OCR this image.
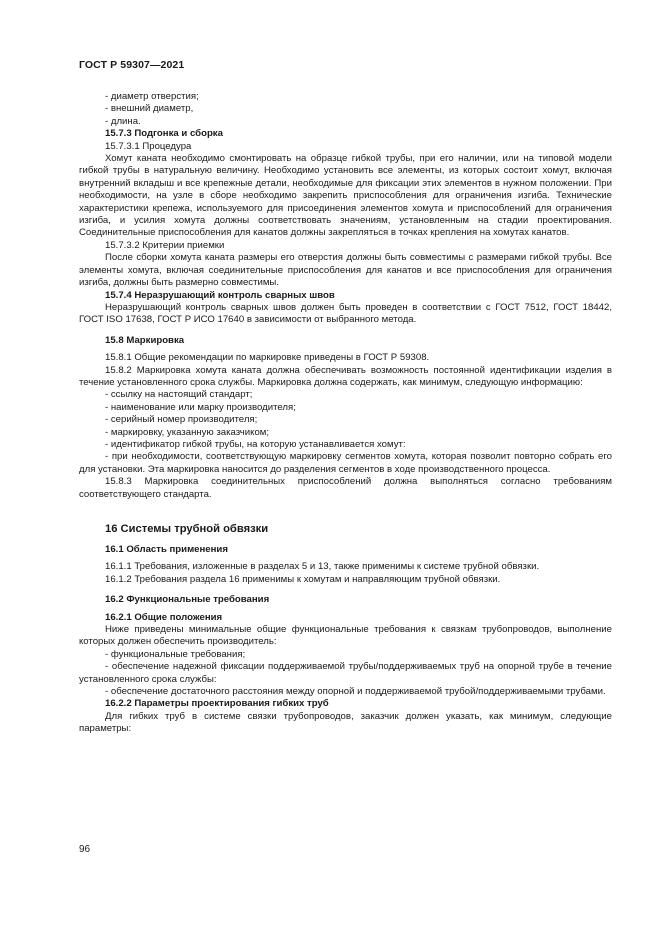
ГОСТ Р 59307—2021

- диаметр отверстия;

- внешний диаметр,

- длина.

15.7.3 Подгонка и сборка

15.7.3.1 Процедура

Хомут каната необходимо смонтировать на образце гибкой трубы, при его наличии, или на типовой модели гибкой трубы в натуральную величину. Необходимо установить все элементы, из которых состоит хомут, включая внутренний вкладыш и все крепежные детали, необходимые для фиксации этих элементов в нужном положении. При необходимости, на узле в сборе необходимо закрепить приспособления для ограничения изгиба. Технические характеристики крепежа, используемого для присоединения элементов хомута и приспособлений для ограничения изгиба, и усилия хомута должны соответствовать значениям, установленным на стадии проектирования. Соединительные приспособления для канатов должны закрепляться в точках крепления на хомутах канатов.

15.7.3.2 Критерии приемки

После сборки хомута каната размеры его отверстия должны быть совместимы с размерами гибкой трубы. Все элементы хомута, включая соединительные приспособления для канатов и все приспособления для ограничения изгиба, должны быть размерно совместимы.

15.7.4 Неразрушающий контроль сварных швов

Неразрушающий контроль сварных швов должен быть проведен в соответствии с ГОСТ 7512, ГОСТ 18442, ГОСТ ISO 17638, ГОСТ Р ИСО 17640 в зависимости от выбранного метода.

15.8 Маркировка

15.8.1 Общие рекомендации по маркировке приведены в ГОСТ Р 59308.

15.8.2 Маркировка хомута каната должна обеспечивать возможность постоянной идентификации изделия в течение установленного срока службы. Маркировка должна содержать, как минимум, следующую информацию:

- ссылку на настоящий стандарт;

- наименование или марку производителя;

- серийный номер производителя;

- маркировку, указанную заказчиком;

- идентификатор гибкой трубы, на которую устанавливается хомут:

- при необходимости, соответствующую маркировку сегментов хомута, которая позволит повторно собрать его для установки. Эта маркировка наносится до разделения сегментов в ходе производственного процесса.

15.8.3 Маркировка соединительных приспособлений должна выполняться согласно требованиям соответствующего стандарта.

16 Системы трубной обвязки

16.1 Область применения

16.1.1 Требования, изложенные в разделах 5 и 13, также применимы к системе трубной обвязки.

16.1.2 Требования раздела 16 применимы к хомутам и направляющим трубной обвязки.

16.2 Функциональные требования

16.2.1 Общие положения

Ниже приведены минимальные общие функциональные требования к связкам трубопроводов, выполнение которых должен обеспечить производитель:

- функциональные требования;

- обеспечение надежной фиксации поддерживаемой трубы/поддерживаемых труб на опорной трубе в течение установленного срока службы:

- обеспечение достаточного расстояния между опорной и поддерживаемой трубой/поддерживаемыми трубами.

16.2.2 Параметры проектирования гибких труб

Для гибких труб в системе связки трубопроводов, заказчик должен указать, как минимум, следующие параметры:

96
